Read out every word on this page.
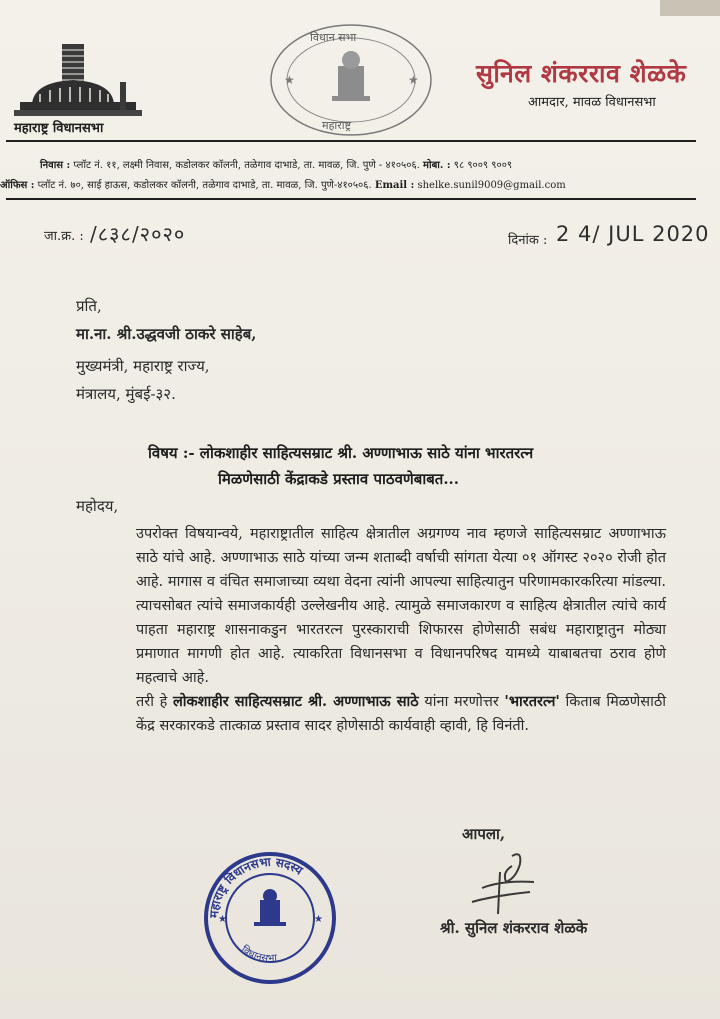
महाराष्ट्र विधानसभा
★	★
विधान सभा
महाराष्ट्र
सुनिल शंकरराव शेळके
आमदार, मावळ विधानसभा
निवास : प्लॉट नं. ११, लक्ष्मी निवास, कडोलकर कॉलनी, तळेगाव दाभाडे, ता. मावळ, जि. पुणे - ४१०५०६. मोबा. : ९८ ९००९ ९००९
ऑफिस : प्लॉट नं. ७०, साई हाऊस, कडोलकर कॉलनी, तळेगाव दाभाडे, ता. मावळ, जि. पुणे-४१०५०६. Email : shelke.sunil9009@gmail.com
जा.क्र. : /८३८/२०२०	दिनांक : 2 4/ JUL 2020
प्रति,
मा.ना. श्री.उद्धवजी ठाकरे साहेब,
मुख्यमंत्री, महाराष्ट्र राज्य,
मंत्रालय, मुंबई-३२.
विषय :- लोकशाहीर साहित्यसम्राट श्री. अण्णाभाऊ साठे यांना भारतरत्न
मिळणेसाठी केंद्राकडे प्रस्ताव पाठवणेबाबत...
महोदय,

उपरोक्त विषयान्वये, महाराष्ट्रातील साहित्य क्षेत्रातील अग्रगण्य नाव म्हणजे साहित्यसम्राट अण्णाभाऊ साठे यांचे आहे. अण्णाभाऊ साठे यांच्या जन्म शताब्दी वर्षाची सांगता येत्या ०१ ऑगस्ट २०२० रोजी होत आहे. मागास व वंचित समाजाच्या व्यथा वेदना त्यांनी आपल्या साहित्यातुन परिणामकारकरित्या मांडल्या. त्याचसोबत त्यांचे समाजकार्यही उल्लेखनीय आहे. त्यामुळे समाजकारण व साहित्य क्षेत्रातील त्यांचे कार्य पाहता महाराष्ट्र शासनाकडुन भारतरत्न पुरस्काराची शिफारस होणेसाठी सबंध महाराष्ट्रातुन मोठ्या प्रमाणात मागणी होत आहे. त्याकरिता विधानसभा व विधानपरिषद यामध्ये याबाबतचा ठराव होणे महत्वाचे आहे.

तरी हे लोकशाहीर साहित्यसम्राट श्री. अण्णाभाऊ साठे यांना मरणोत्तर 'भारतरत्न' किताब मिळणेसाठी केंद्र सरकारकडे तात्काळ प्रस्ताव सादर होणेसाठी कार्यवाही व्हावी, हि विनंती.

आपला,
श्री. सुनिल शंकरराव शेळके
महाराष्ट्र विधानसभा सदस्य
विधानसभा
★	★
